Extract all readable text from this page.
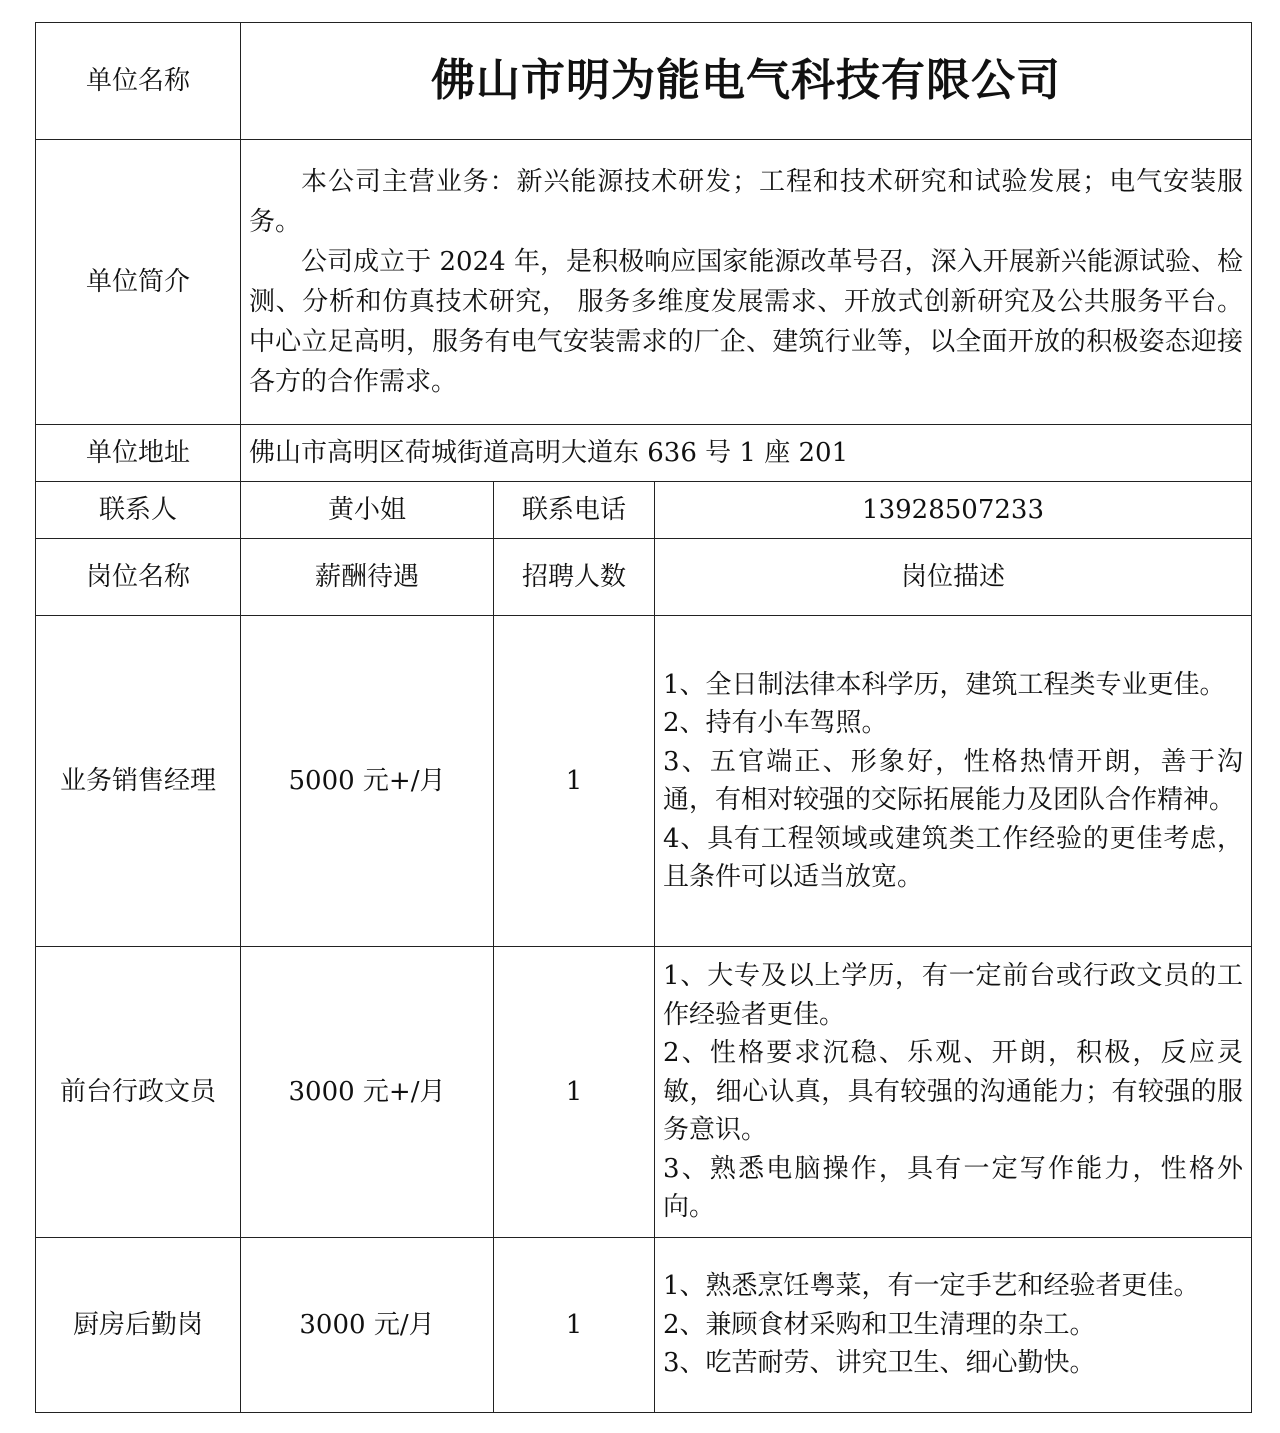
单位名称	佛山市明为能电气科技有限公司		
单位简介	本公司主营业务：新兴能源技术研发；工程和技术研究和试验发展；电气安装服务。

公司成立于 2024 年，是积极响应国家能源改革号召，深入开展新兴能源试验、检测、分析和仿真技术研究， 服务多维度发展需求、开放式创新研究及公共服务平台。中心立足高明，服务有电气安装需求的厂企、建筑行业等，以全面开放的积极姿态迎接各方的合作需求。		

单位地址	佛山市高明区荷城街道高明大道东 636 号 1 座 201		
联系人	黄小姐	联系电话	13928507233
岗位名称	薪酬待遇	招聘人数	岗位描述
业务销售经理	5000 元+/月	1	1、全日制法律本科学历，建筑工程类专业更佳。

2、持有小车驾照。

3、五官端正、形象好，性格热情开朗，善于沟通，有相对较强的交际拓展能力及团队合作精神。

4、具有工程领域或建筑类工作经验的更佳考虑，且条件可以适当放宽。

前台行政文员	3000 元+/月	1	1、大专及以上学历，有一定前台或行政文员的工作经验者更佳。

2、性格要求沉稳、乐观、开朗，积极，反应灵敏，细心认真，具有较强的沟通能力；有较强的服务意识。

3、熟悉电脑操作，具有一定写作能力，性格外向。

厨房后勤岗	3000 元/月	1	1、熟悉烹饪粤菜，有一定手艺和经验者更佳。

2、兼顾食材采购和卫生清理的杂工。

3、吃苦耐劳、讲究卫生、细心勤快。
